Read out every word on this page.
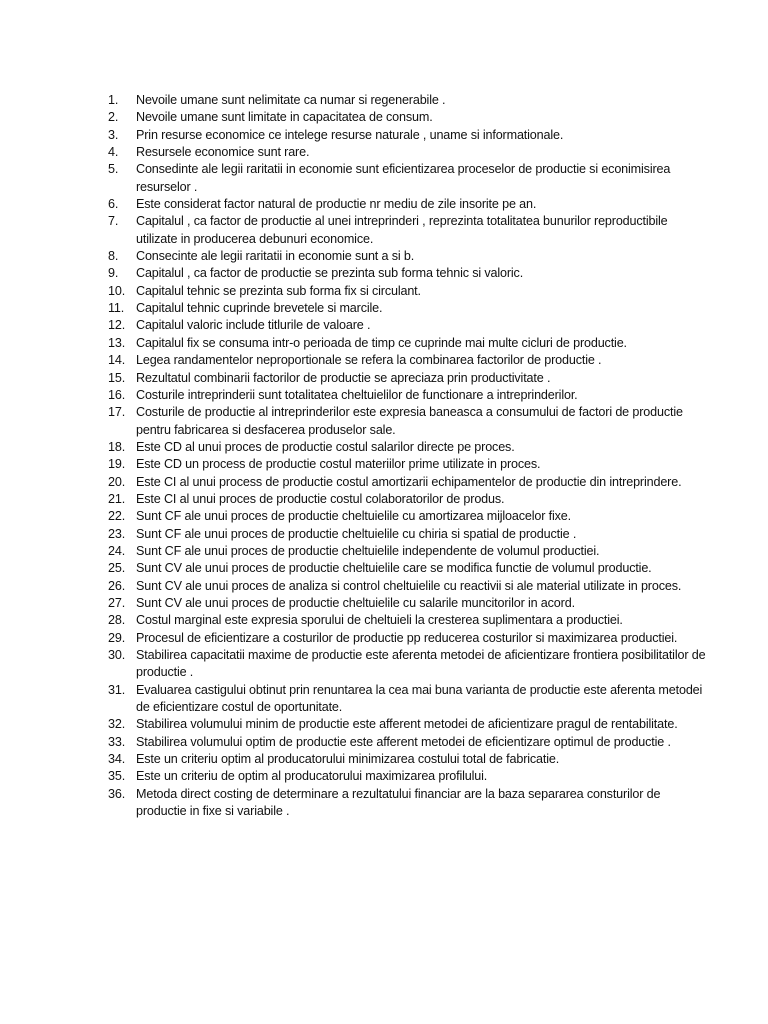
1.	Nevoile umane sunt nelimitate ca numar si regenerabile .
2.	Nevoile umane sunt limitate in capacitatea de consum.
3.	Prin resurse economice ce intelege resurse naturale , uname si informationale.
4.	Resursele economice sunt rare.
5.	Consedinte ale legii raritatii in economie sunt eficientizarea proceselor de productie si econimisirea resurselor .
6.	Este considerat factor natural de productie nr mediu de zile insorite pe an.
7.	Capitalul , ca factor de productie al unei intreprinderi , reprezinta totalitatea bunurilor reproductibile utilizate in producerea debunuri economice.
8.	Consecinte ale legii raritatii in economie sunt a si b.
9.	Capitalul , ca factor de productie se prezinta sub forma tehnic si valoric.
10. Capitalul tehnic se prezinta sub forma fix si circulant.
11. Capitalul tehnic cuprinde brevetele si marcile.
12. Capitalul valoric include titlurile de valoare .
13. Capitalul fix se consuma intr-o perioada de timp ce cuprinde mai multe cicluri de productie.
14. Legea randamentelor neproportionale se refera la combinarea factorilor de productie .
15. Rezultatul combinarii factorilor de productie se apreciaza prin productivitate .
16. Costurile intreprinderii sunt totalitatea cheltuielilor de functionare a intreprinderilor.
17. Costurile de productie al intreprinderilor este expresia baneasca a consumului de factori de productie pentru fabricarea si desfacerea produselor sale.
18. Este CD al unui proces de productie costul salarilor directe pe proces.
19. Este CD un process de productie costul materiilor prime utilizate in proces.
20. Este CI al unui process de productie costul amortizarii echipamentelor de productie din intreprindere.
21. Este CI al unui proces de productie costul colaboratorilor de produs.
22. Sunt CF ale unui proces de productie cheltuielile cu amortizarea mijloacelor fixe.
23. Sunt CF ale unui proces de productie cheltuielile cu chiria si spatial de productie .
24. Sunt CF ale unui proces de productie cheltuielile independente de volumul productiei.
25. Sunt CV ale unui proces de productie cheltuielile care se modifica functie de volumul productie.
26. Sunt CV ale unui proces de analiza si control cheltuielile cu reactivii si ale material utilizate in proces.
27. Sunt CV ale unui proces de productie cheltuielile cu salarile muncitorilor in acord.
28. Costul marginal este expresia sporului de cheltuieli la cresterea suplimentara a productiei.
29. Procesul de eficientizare a costurilor de productie pp reducerea costurilor si maximizarea productiei.
30. Stabilirea capacitatii maxime de productie este aferenta metodei de aficientizare frontiera posibilitatilor de productie .
31. Evaluarea castigului obtinut prin renuntarea la cea mai buna varianta de productie este aferenta metodei de eficientizare costul de oportunitate.
32. Stabilirea volumului minim de productie este afferent metodei de aficientizare pragul de rentabilitate.
33. Stabilirea volumului optim de productie este afferent metodei de eficientizare optimul de productie .
34. Este un criteriu optim al producatorului minimizarea costului total de fabricatie.
35. Este un criteriu de optim al producatorului maximizarea profilului.
36. Metoda direct costing de determinare a rezultatului financiar are la baza separarea consturilor de productie in fixe si variabile .
